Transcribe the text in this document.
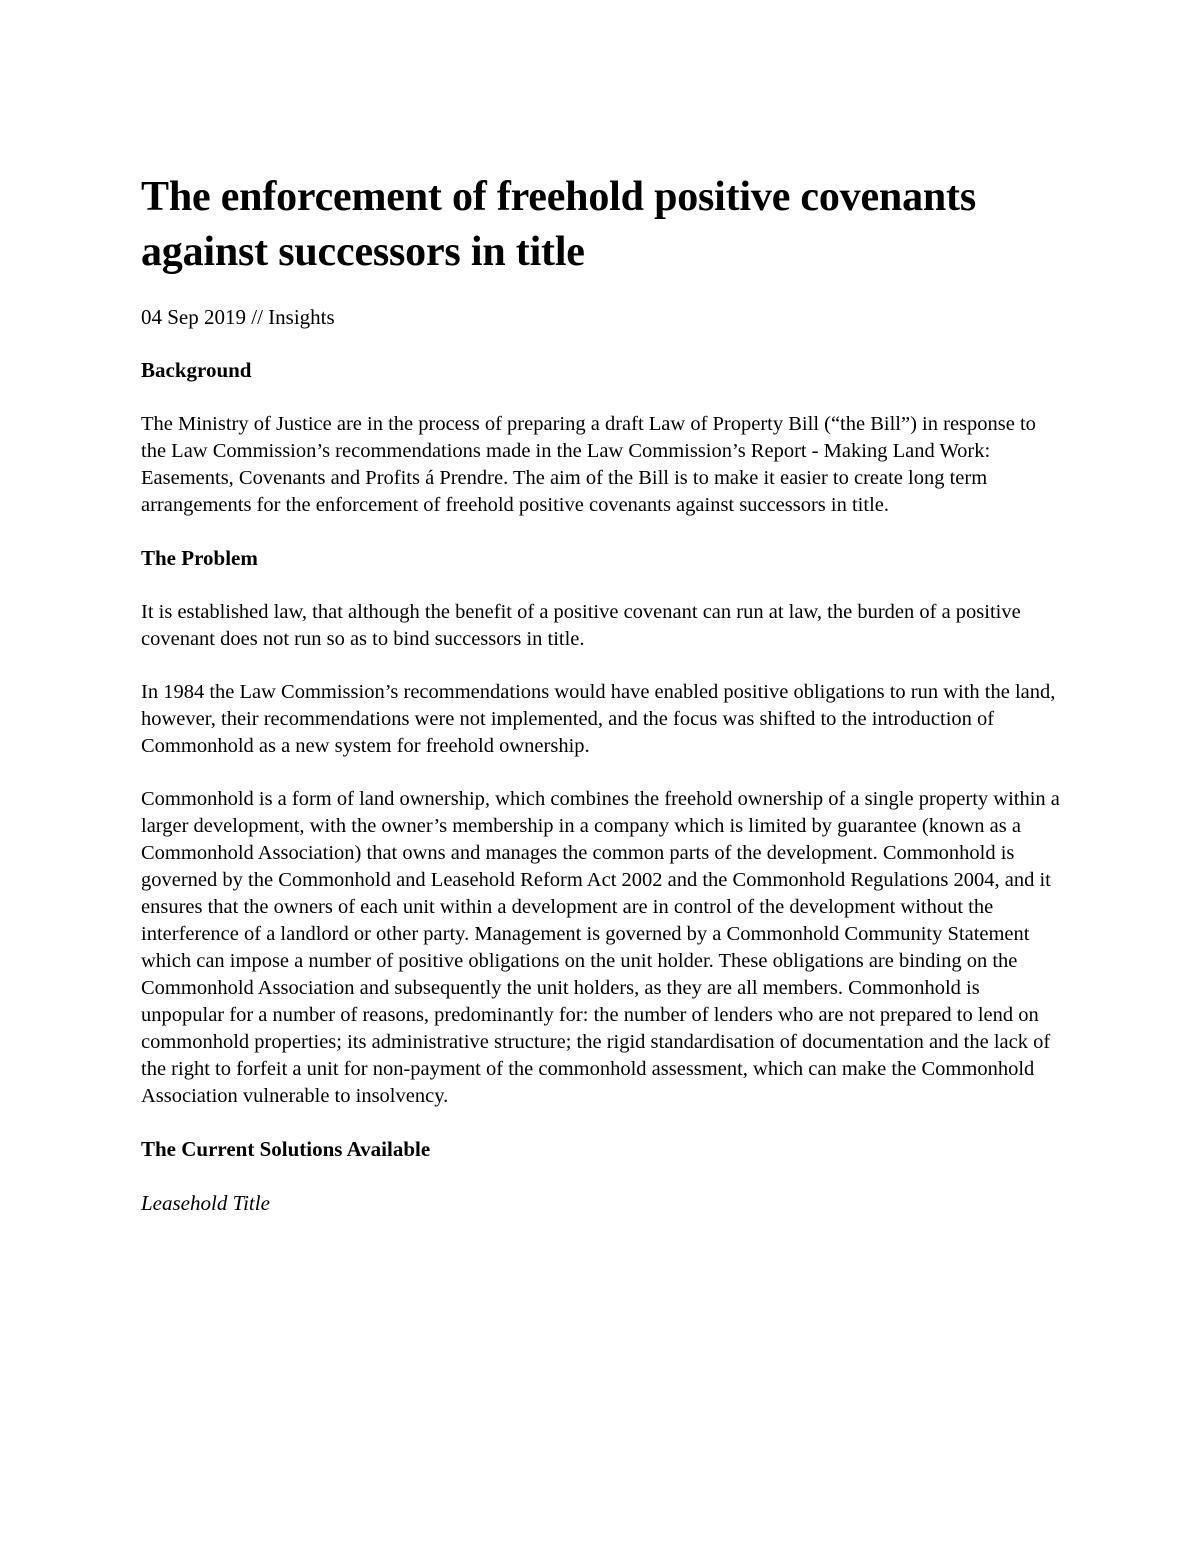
The enforcement of freehold positive covenants against successors in title

04 Sep 2019 // Insights

Background

The Ministry of Justice are in the process of preparing a draft Law of Property Bill (“the Bill”) in response to the Law Commission’s recommendations made in the Law Commission’s Report - Making Land Work: Easements, Covenants and Profits á Prendre. The aim of the Bill is to make it easier to create long term arrangements for the enforcement of freehold positive covenants against successors in title.

The Problem

It is established law, that although the benefit of a positive covenant can run at law, the burden of a positive covenant does not run so as to bind successors in title.

In 1984 the Law Commission’s recommendations would have enabled positive obligations to run with the land, however, their recommendations were not implemented, and the focus was shifted to the introduction of Commonhold as a new system for freehold ownership.

Commonhold is a form of land ownership, which combines the freehold ownership of a single property within a larger development, with the owner’s membership in a company which is limited by guarantee (known as a Commonhold Association) that owns and manages the common parts of the development. Commonhold is governed by the Commonhold and Leasehold Reform Act 2002 and the Commonhold Regulations 2004, and it ensures that the owners of each unit within a development are in control of the development without the interference of a landlord or other party. Management is governed by a Commonhold Community Statement which can impose a number of positive obligations on the unit holder. These obligations are binding on the Commonhold Association and subsequently the unit holders, as they are all members. Commonhold is unpopular for a number of reasons, predominantly for: the number of lenders who are not prepared to lend on commonhold properties; its administrative structure; the rigid standardisation of documentation and the lack of the right to forfeit a unit for non-payment of the commonhold assessment, which can make the Commonhold Association vulnerable to insolvency.

The Current Solutions Available

Leasehold Title
